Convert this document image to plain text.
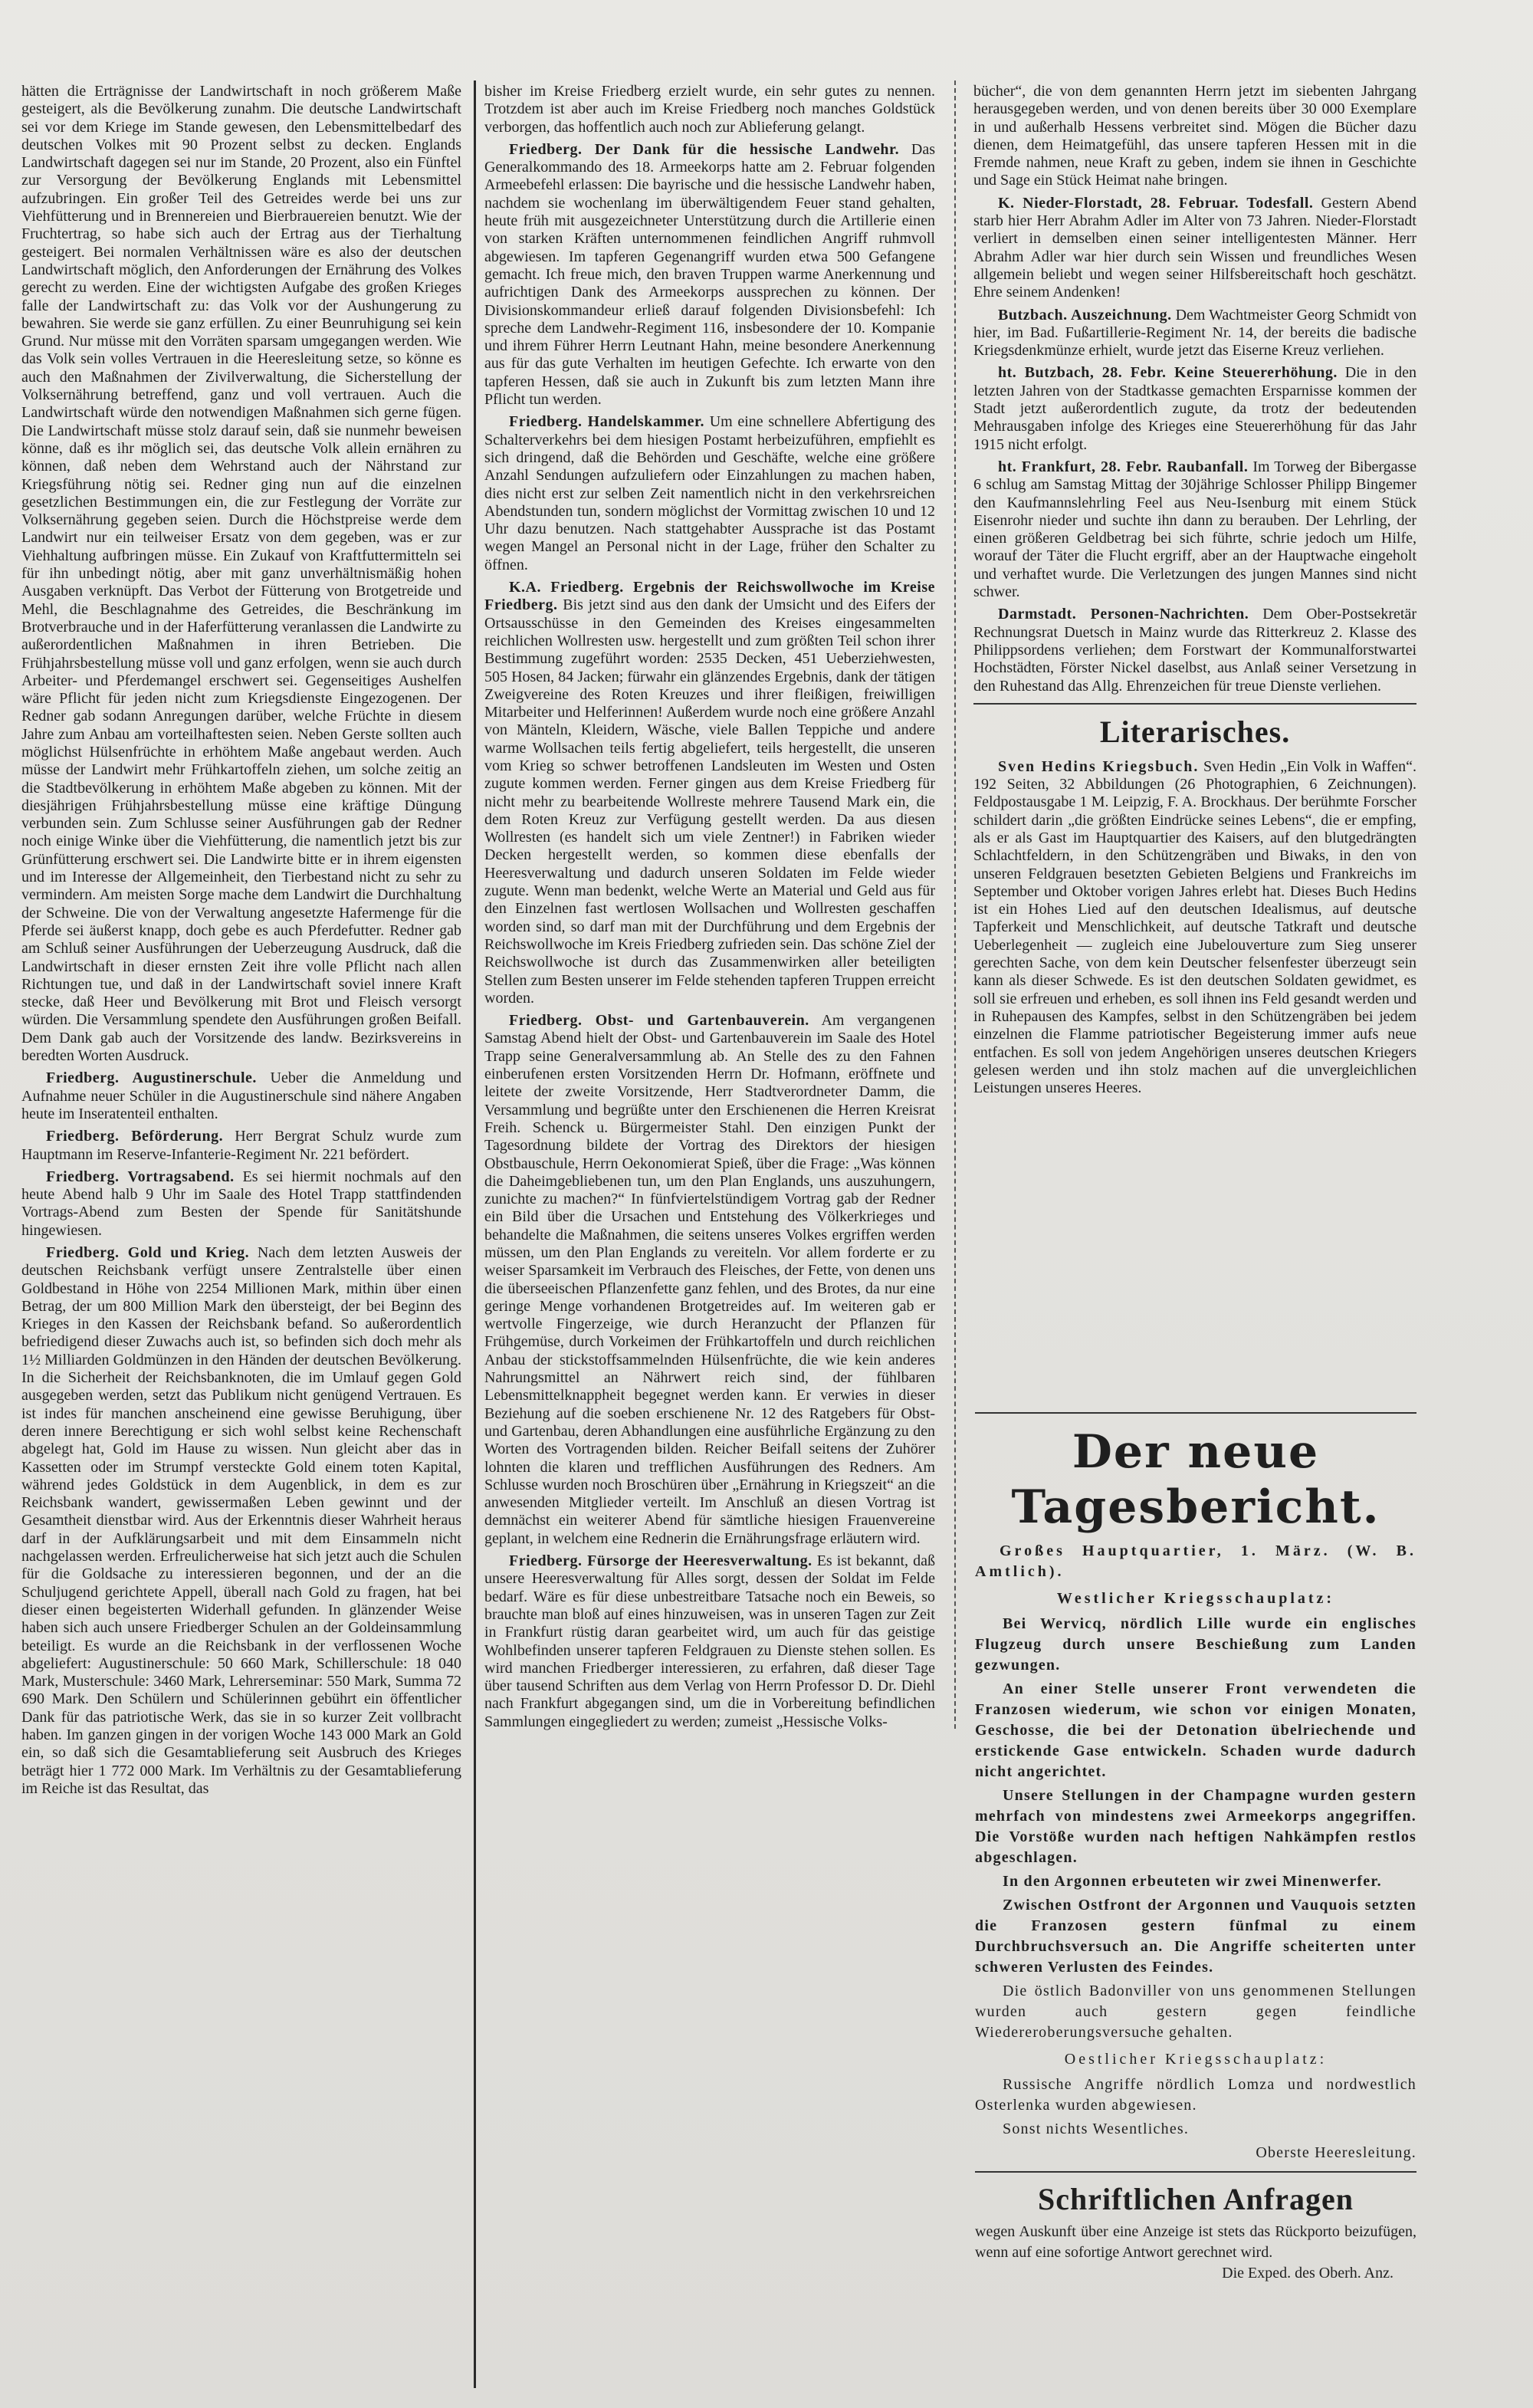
hätten die Erträgnisse der Landwirtschaft in noch größerem Maße gesteigert, als die Bevölkerung zunahm. Die deutsche Landwirtschaft sei vor dem Kriege im Stande gewesen, den Lebensmittelbedarf des deutschen Volkes mit 90 Prozent selbst zu decken. Englands Landwirtschaft dagegen sei nur im Stande, 20 Prozent, also ein Fünftel zur Versorgung der Bevölkerung Englands mit Lebensmittel aufzubringen. Ein großer Teil des Getreides werde bei uns zur Viehfütterung und in Brennereien und Bierbrauereien benutzt. Wie der Fruchtertrag, so habe sich auch der Ertrag aus der Tierhaltung gesteigert. Bei normalen Verhältnissen wäre es also der deutschen Landwirtschaft möglich, den Anforderungen der Ernährung des Volkes gerecht zu werden. Eine der wichtigsten Aufgabe des großen Krieges falle der Landwirtschaft zu: das Volk vor der Aushungerung zu bewahren. Sie werde sie ganz erfüllen. Zu einer Beunruhigung sei kein Grund. Nur müsse mit den Vorräten sparsam umgegangen werden. Wie das Volk sein volles Vertrauen in die Heeresleitung setze, so könne es auch den Maßnahmen der Zivilverwaltung, die Sicherstellung der Volksernährung betreffend, ganz und voll vertrauen. Auch die Landwirtschaft würde den notwendigen Maßnahmen sich gerne fügen. Die Landwirtschaft müsse stolz darauf sein, daß sie nunmehr beweisen könne, daß es ihr möglich sei, das deutsche Volk allein ernähren zu können, daß neben dem Wehrstand auch der Nährstand zur Kriegsführung nötig sei. Redner ging nun auf die einzelnen gesetzlichen Bestimmungen ein, die zur Festlegung der Vorräte zur Volksernährung gegeben seien. Durch die Höchstpreise werde dem Landwirt nur ein teilweiser Ersatz von dem gegeben, was er zur Viehhaltung aufbringen müsse. Ein Zukauf von Kraftfuttermitteln sei für ihn unbedingt nötig, aber mit ganz unverhältnismäßig hohen Ausgaben verknüpft. Das Verbot der Fütterung von Brotgetreide und Mehl, die Beschlagnahme des Getreides, die Beschränkung im Brotverbrauche und in der Haferfütterung veranlassen die Landwirte zu außerordentlichen Maßnahmen in ihren Betrieben. Die Frühjahrsbestellung müsse voll und ganz erfolgen, wenn sie auch durch Arbeiter- und Pferdemangel erschwert sei. Gegenseitiges Aushelfen wäre Pflicht für jeden nicht zum Kriegsdienste Eingezogenen. Der Redner gab sodann Anregungen darüber, welche Früchte in diesem Jahre zum Anbau am vorteilhaftesten seien. Neben Gerste sollten auch möglichst Hülsenfrüchte in erhöhtem Maße angebaut werden. Auch müsse der Landwirt mehr Frühkartoffeln ziehen, um solche zeitig an die Stadtbevölkerung in erhöhtem Maße abgeben zu können. Mit der diesjährigen Frühjahrsbestellung müsse eine kräftige Düngung verbunden sein. Zum Schlusse seiner Ausführungen gab der Redner noch einige Winke über die Viehfütterung, die namentlich jetzt bis zur Grünfütterung erschwert sei. Die Landwirte bitte er in ihrem eigensten und im Interesse der Allgemeinheit, den Tierbestand nicht zu sehr zu vermindern. Am meisten Sorge mache dem Landwirt die Durchhaltung der Schweine. Die von der Verwaltung angesetzte Hafermenge für die Pferde sei äußerst knapp, doch gebe es auch Pferdefutter. Redner gab am Schluß seiner Ausführungen der Ueberzeugung Ausdruck, daß die Landwirtschaft in dieser ernsten Zeit ihre volle Pflicht nach allen Richtungen tue, und daß in der Landwirtschaft soviel innere Kraft stecke, daß Heer und Bevölkerung mit Brot und Fleisch versorgt würden. Die Versammlung spendete den Ausführungen großen Beifall. Dem Dank gab auch der Vorsitzende des landw. Bezirksvereins in beredten Worten Ausdruck.

Friedberg. Augustinerschule. Ueber die Anmeldung und Aufnahme neuer Schüler in die Augustinerschule sind nähere Angaben heute im Inseratenteil enthalten.

Friedberg. Beförderung. Herr Bergrat Schulz wurde zum Hauptmann im Reserve-Infanterie-Regiment Nr. 221 befördert.

Friedberg. Vortragsabend. Es sei hiermit nochmals auf den heute Abend halb 9 Uhr im Saale des Hotel Trapp stattfindenden Vortrags-Abend zum Besten der Spende für Sanitätshunde hingewiesen.

Friedberg. Gold und Krieg. Nach dem letzten Ausweis der deutschen Reichsbank verfügt unsere Zentralstelle über einen Goldbestand in Höhe von 2254 Millionen Mark, mithin über einen Betrag, der um 800 Million Mark den übersteigt, der bei Beginn des Krieges in den Kassen der Reichsbank befand. So außerordentlich befriedigend dieser Zuwachs auch ist, so befinden sich doch mehr als 1½ Milliarden Goldmünzen in den Händen der deutschen Bevölkerung. In die Sicherheit der Reichsbanknoten, die im Umlauf gegen Gold ausgegeben werden, setzt das Publikum nicht genügend Vertrauen. Es ist indes für manchen anscheinend eine gewisse Beruhigung, über deren innere Berechtigung er sich wohl selbst keine Rechenschaft abgelegt hat, Gold im Hause zu wissen. Nun gleicht aber das in Kassetten oder im Strumpf versteckte Gold einem toten Kapital, während jedes Goldstück in dem Augenblick, in dem es zur Reichsbank wandert, gewissermaßen Leben gewinnt und der Gesamtheit dienstbar wird. Aus der Erkenntnis dieser Wahrheit heraus darf in der Aufklärungsarbeit und mit dem Einsammeln nicht nachgelassen werden. Erfreulicherweise hat sich jetzt auch die Schulen für die Goldsache zu interessieren begonnen, und der an die Schuljugend gerichtete Appell, überall nach Gold zu fragen, hat bei dieser einen begeisterten Widerhall gefunden. In glänzender Weise haben sich auch unsere Friedberger Schulen an der Goldeinsammlung beteiligt. Es wurde an die Reichsbank in der verflossenen Woche abgeliefert: Augustinerschule: 50 660 Mark, Schillerschule: 18 040 Mark, Musterschule: 3460 Mark, Lehrerseminar: 550 Mark, Summa 72 690 Mark. Den Schülern und Schülerinnen gebührt ein öffentlicher Dank für das patriotische Werk, das sie in so kurzer Zeit vollbracht haben. Im ganzen gingen in der vorigen Woche 143 000 Mark an Gold ein, so daß sich die Gesamtablieferung seit Ausbruch des Krieges beträgt hier 1 772 000 Mark. Im Verhältnis zu der Gesamtablieferung im Reiche ist das Resultat, das

bisher im Kreise Friedberg erzielt wurde, ein sehr gutes zu nennen. Trotzdem ist aber auch im Kreise Friedberg noch manches Goldstück verborgen, das hoffentlich auch noch zur Ablieferung gelangt.

Friedberg. Der Dank für die hessische Landwehr. Das Generalkommando des 18. Armeekorps hatte am 2. Februar folgenden Armeebefehl erlassen: Die bayrische und die hessische Landwehr haben, nachdem sie wochenlang im überwältigendem Feuer stand gehalten, heute früh mit ausgezeichneter Unterstützung durch die Artillerie einen von starken Kräften unternommenen feindlichen Angriff ruhmvoll abgewiesen. Im tapferen Gegenangriff wurden etwa 500 Gefangene gemacht. Ich freue mich, den braven Truppen warme Anerkennung und aufrichtigen Dank des Armeekorps aussprechen zu können. Der Divisionskommandeur erließ darauf folgenden Divisionsbefehl: Ich spreche dem Landwehr-Regiment 116, insbesondere der 10. Kompanie und ihrem Führer Herrn Leutnant Hahn, meine besondere Anerkennung aus für das gute Verhalten im heutigen Gefechte. Ich erwarte von den tapferen Hessen, daß sie auch in Zukunft bis zum letzten Mann ihre Pflicht tun werden.

Friedberg. Handelskammer. Um eine schnellere Abfertigung des Schalterverkehrs bei dem hiesigen Postamt herbeizuführen, empfiehlt es sich dringend, daß die Behörden und Geschäfte, welche eine größere Anzahl Sendungen aufzuliefern oder Einzahlungen zu machen haben, dies nicht erst zur selben Zeit namentlich nicht in den verkehrsreichen Abendstunden tun, sondern möglichst der Vormittag zwischen 10 und 12 Uhr dazu benutzen. Nach stattgehabter Aussprache ist das Postamt wegen Mangel an Personal nicht in der Lage, früher den Schalter zu öffnen.

K.A. Friedberg. Ergebnis der Reichswollwoche im Kreise Friedberg. Bis jetzt sind aus den dank der Umsicht und des Eifers der Ortsausschüsse in den Gemeinden des Kreises eingesammelten reichlichen Wollresten usw. hergestellt und zum größten Teil schon ihrer Bestimmung zugeführt worden: 2535 Decken, 451 Ueberziehwesten, 505 Hosen, 84 Jacken; fürwahr ein glänzendes Ergebnis, dank der tätigen Zweigvereine des Roten Kreuzes und ihrer fleißigen, freiwilligen Mitarbeiter und Helferinnen! Außerdem wurde noch eine größere Anzahl von Mänteln, Kleidern, Wäsche, viele Ballen Teppiche und andere warme Wollsachen teils fertig abgeliefert, teils hergestellt, die unseren vom Krieg so schwer betroffenen Landsleuten im Westen und Osten zugute kommen werden. Ferner gingen aus dem Kreise Friedberg für nicht mehr zu bearbeitende Wollreste mehrere Tausend Mark ein, die dem Roten Kreuz zur Verfügung gestellt werden. Da aus diesen Wollresten (es handelt sich um viele Zentner!) in Fabriken wieder Decken hergestellt werden, so kommen diese ebenfalls der Heeresverwaltung und dadurch unseren Soldaten im Felde wieder zugute. Wenn man bedenkt, welche Werte an Material und Geld aus für den Einzelnen fast wertlosen Wollsachen und Wollresten geschaffen worden sind, so darf man mit der Durchführung und dem Ergebnis der Reichswollwoche im Kreis Friedberg zufrieden sein. Das schöne Ziel der Reichswollwoche ist durch das Zusammenwirken aller beteiligten Stellen zum Besten unserer im Felde stehenden tapferen Truppen erreicht worden.

Friedberg. Obst- und Gartenbauverein. Am vergangenen Samstag Abend hielt der Obst- und Gartenbauverein im Saale des Hotel Trapp seine Generalversammlung ab. An Stelle des zu den Fahnen einberufenen ersten Vorsitzenden Herrn Dr. Hofmann, eröffnete und leitete der zweite Vorsitzende, Herr Stadtverordneter Damm, die Versammlung und begrüßte unter den Erschienenen die Herren Kreisrat Freih. Schenck u. Bürgermeister Stahl. Den einzigen Punkt der Tagesordnung bildete der Vortrag des Direktors der hiesigen Obstbauschule, Herrn Oekonomierat Spieß, über die Frage: „Was können die Daheimgebliebenen tun, um den Plan Englands, uns auszuhungern, zunichte zu machen?“ In fünfviertelstündigem Vortrag gab der Redner ein Bild über die Ursachen und Entstehung des Völkerkrieges und behandelte die Maßnahmen, die seitens unseres Volkes ergriffen werden müssen, um den Plan Englands zu vereiteln. Vor allem forderte er zu weiser Sparsamkeit im Verbrauch des Fleisches, der Fette, von denen uns die überseeischen Pflanzenfette ganz fehlen, und des Brotes, da nur eine geringe Menge vorhandenen Brotgetreides auf. Im weiteren gab er wertvolle Fingerzeige, wie durch Heranzucht der Pflanzen für Frühgemüse, durch Vorkeimen der Frühkartoffeln und durch reichlichen Anbau der stickstoffsammelnden Hülsenfrüchte, die wie kein anderes Nahrungsmittel an Nährwert reich sind, der fühlbaren Lebensmittelknappheit begegnet werden kann. Er verwies in dieser Beziehung auf die soeben erschienene Nr. 12 des Ratgebers für Obst- und Gartenbau, deren Abhandlungen eine ausführliche Ergänzung zu den Worten des Vortragenden bilden. Reicher Beifall seitens der Zuhörer lohnten die klaren und trefflichen Ausführungen des Redners. Am Schlusse wurden noch Broschüren über „Ernährung in Kriegszeit“ an die anwesenden Mitglieder verteilt. Im Anschluß an diesen Vortrag ist demnächst ein weiterer Abend für sämtliche hiesigen Frauenvereine geplant, in welchem eine Rednerin die Ernährungsfrage erläutern wird.

Friedberg. Fürsorge der Heeresverwaltung. Es ist bekannt, daß unsere Heeresverwaltung für Alles sorgt, dessen der Soldat im Felde bedarf. Wäre es für diese unbestreitbare Tatsache noch ein Beweis, so brauchte man bloß auf eines hinzuweisen, was in unseren Tagen zur Zeit in Frankfurt rüstig daran gearbeitet wird, um auch für das geistige Wohlbefinden unserer tapferen Feldgrauen zu Dienste stehen sollen. Es wird manchen Friedberger interessieren, zu erfahren, daß dieser Tage über tausend Schriften aus dem Verlag von Herrn Professor D. Dr. Diehl nach Frankfurt abgegangen sind, um die in Vorbereitung befindlichen Sammlungen eingegliedert zu werden; zumeist „Hessische Volks-

bücher“, die von dem genannten Herrn jetzt im siebenten Jahrgang herausgegeben werden, und von denen bereits über 30 000 Exemplare in und außerhalb Hessens verbreitet sind. Mögen die Bücher dazu dienen, dem Heimatgefühl, das unsere tapferen Hessen mit in die Fremde nahmen, neue Kraft zu geben, indem sie ihnen in Geschichte und Sage ein Stück Heimat nahe bringen.

K. Nieder-Florstadt, 28. Februar. Todesfall. Gestern Abend starb hier Herr Abrahm Adler im Alter von 73 Jahren. Nieder-Florstadt verliert in demselben einen seiner intelligentesten Männer. Herr Abrahm Adler war hier durch sein Wissen und freundliches Wesen allgemein beliebt und wegen seiner Hilfsbereitschaft hoch geschätzt. Ehre seinem Andenken!

Butzbach. Auszeichnung. Dem Wachtmeister Georg Schmidt von hier, im Bad. Fußartillerie-Regiment Nr. 14, der bereits die badische Kriegsdenkmünze erhielt, wurde jetzt das Eiserne Kreuz verliehen.

ht. Butzbach, 28. Febr. Keine Steuererhöhung. Die in den letzten Jahren von der Stadtkasse gemachten Ersparnisse kommen der Stadt jetzt außerordentlich zugute, da trotz der bedeutenden Mehrausgaben infolge des Krieges eine Steuererhöhung für das Jahr 1915 nicht erfolgt.

ht. Frankfurt, 28. Febr. Raubanfall. Im Torweg der Bibergasse 6 schlug am Samstag Mittag der 30jährige Schlosser Philipp Bingemer den Kaufmannslehrling Feel aus Neu-Isenburg mit einem Stück Eisenrohr nieder und suchte ihn dann zu berauben. Der Lehrling, der einen größeren Geldbetrag bei sich führte, schrie jedoch um Hilfe, worauf der Täter die Flucht ergriff, aber an der Hauptwache eingeholt und verhaftet wurde. Die Verletzungen des jungen Mannes sind nicht schwer.

Darmstadt. Personen-Nachrichten. Dem Ober-Postsekretär Rechnungsrat Duetsch in Mainz wurde das Ritterkreuz 2. Klasse des Philippsordens verliehen; dem Forstwart der Kommunalforstwartei Hochstädten, Förster Nickel daselbst, aus Anlaß seiner Versetzung in den Ruhestand das Allg. Ehrenzeichen für treue Dienste verliehen.

Literarisches.

Sven Hedins Kriegsbuch. Sven Hedin „Ein Volk in Waffen“. 192 Seiten, 32 Abbildungen (26 Photographien, 6 Zeichnungen). Feldpostausgabe 1 M. Leipzig, F. A. Brockhaus. Der berühmte Forscher schildert darin „die größten Eindrücke seines Lebens“, die er empfing, als er als Gast im Hauptquartier des Kaisers, auf den blutgedrängten Schlachtfeldern, in den Schützengräben und Biwaks, in den von unseren Feldgrauen besetzten Gebieten Belgiens und Frankreichs im September und Oktober vorigen Jahres erlebt hat. Dieses Buch Hedins ist ein Hohes Lied auf den deutschen Idealismus, auf deutsche Tapferkeit und Menschlichkeit, auf deutsche Tatkraft und deutsche Ueberlegenheit — zugleich eine Jubelouverture zum Sieg unserer gerechten Sache, von dem kein Deutscher felsenfester überzeugt sein kann als dieser Schwede. Es ist den deutschen Soldaten gewidmet, es soll sie erfreuen und erheben, es soll ihnen ins Feld gesandt werden und in Ruhepausen des Kampfes, selbst in den Schützengräben bei jedem einzelnen die Flamme patriotischer Begeisterung immer aufs neue entfachen. Es soll von jedem Angehörigen unseres deutschen Kriegers gelesen werden und ihn stolz machen auf die unvergleichlichen Leistungen unseres Heeres.

Der neue Tagesbericht.

Großes Hauptquartier, 1. März. (W. B. Amtlich).

Westlicher Kriegsschauplatz:

Bei Wervicq, nördlich Lille wurde ein englisches Flugzeug durch unsere Beschießung zum Landen gezwungen.

An einer Stelle unserer Front verwendeten die Franzosen wiederum, wie schon vor einigen Monaten, Geschosse, die bei der Detonation übelriechende und erstickende Gase entwickeln. Schaden wurde dadurch nicht angerichtet.

Unsere Stellungen in der Champagne wurden gestern mehrfach von mindestens zwei Armeekorps angegriffen. Die Vorstöße wurden nach heftigen Nahkämpfen restlos abgeschlagen.

In den Argonnen erbeuteten wir zwei Minenwerfer.

Zwischen Ostfront der Argonnen und Vauquois setzten die Franzosen gestern fünfmal zu einem Durchbruchsversuch an. Die Angriffe scheiterten unter schweren Verlusten des Feindes.

Die östlich Badonviller von uns genommenen Stellungen wurden auch gestern gegen feindliche Wiedereroberungsversuche gehalten.

Oestlicher Kriegsschauplatz:

Russische Angriffe nördlich Lomza und nordwestlich Osterlenka wurden abgewiesen.

Sonst nichts Wesentliches.

Oberste Heeresleitung.

Schriftlichen Anfragen
wegen Auskunft über eine Anzeige ist stets das Rückporto beizufügen, wenn auf eine sofortige Antwort gerechnet wird.
Die Exped. des Oberh. Anz.
